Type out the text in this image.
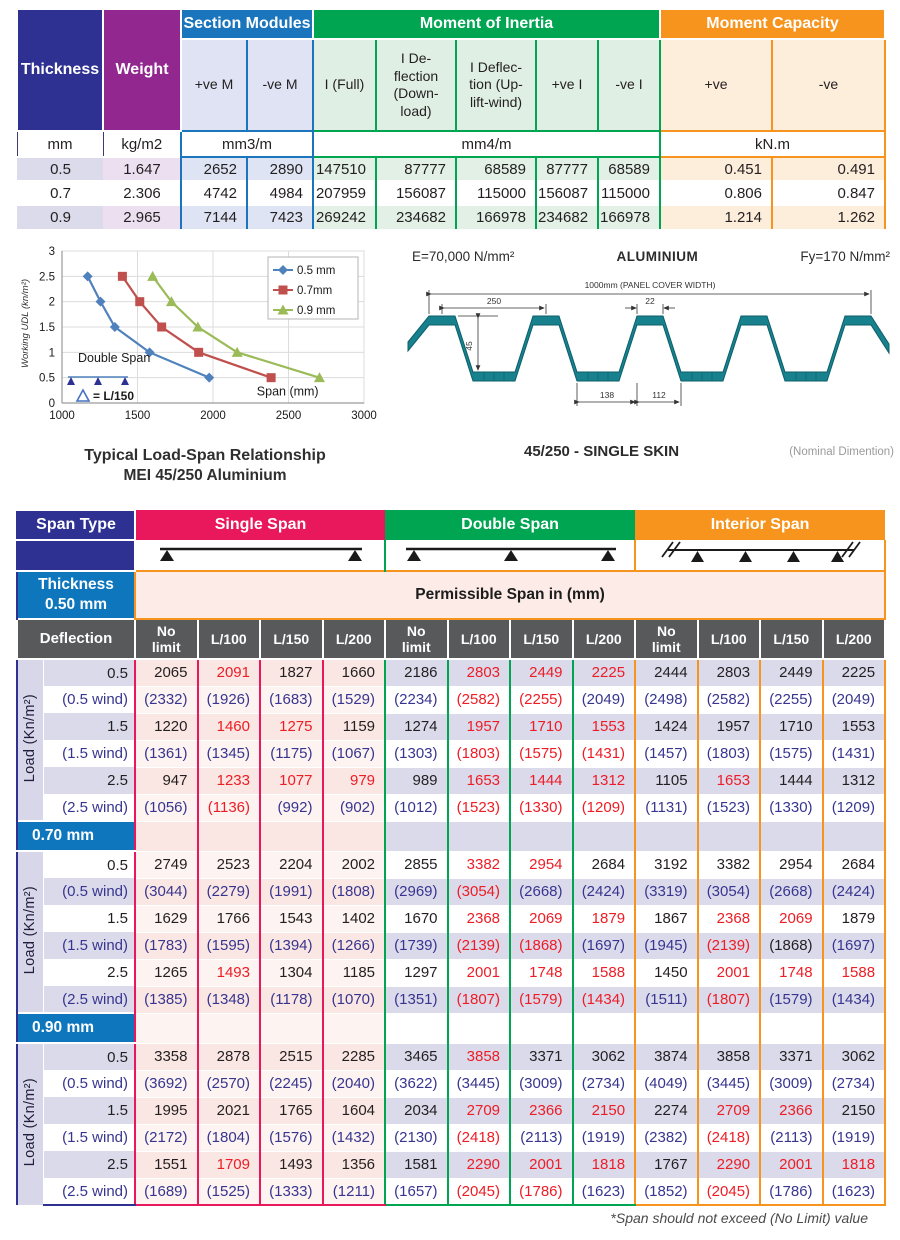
Thickness	Weight	Section Modules		Moment of Inertia					Moment Capacity	
		+ve M	-ve M	I (Full)	I De- flection (Down- load)	I Deflec- tion (Up- lift-wind)	+ve I	-ve I	+ve	-ve
mm	kg/m2	mm3/m		mm4/m					kN.m	
0.5	1.647	2652	2890	147510	87777	68589	87777	68589	0.451	0.491
0.7	2.306	4742	4984	207959	156087	115000	156087	115000	0.806	0.847
0.9	2.965	7144	7423	269242	234682	166978	234682	166978	1.214	1.262
1000	1500	2000	2500	3000
0
0.5
1
1.5
2
2.5
3
0.5 mm
0.7mm
0.9 mm
Double Span
= L/150	Span (mm)
Working UDL (kn/m²)
Typical Load-Span Relationship
MEI 45/250 Aluminium
E=70,000 N/mm²	ALUMINIUM	Fy=170 N/mm²
1000mm (PANEL COVER WIDTH)
250	22
45
138	112
45/250 - SINGLE SKIN	(Nominal Dimention)
Span Type		Single Span				Double Span				Interior Span			

Thickness
0.50 mm		Permissible Span in (mm)											
Deflection		No limit	L/100	L/150	L/200	No limit	L/100	L/150	L/200	No limit	L/100	L/150	L/200
Load (Kn/m²)	0.5	2065	2091	1827	1660	2186	2803	2449	2225	2444	2803	2449	2225
	(0.5 wind)	(2332)	(1926)	(1683)	(1529)	(2234)	(2582)	(2255)	(2049)	(2498)	(2582)	(2255)	(2049)
	1.5	1220	1460	1275	1159	1274	1957	1710	1553	1424	1957	1710	1553
	(1.5 wind)	(1361)	(1345)	(1175)	(1067)	(1303)	(1803)	(1575)	(1431)	(1457)	(1803)	(1575)	(1431)
	2.5	947	1233	1077	979	989	1653	1444	1312	1105	1653	1444	1312
	(2.5 wind)	(1056)	(1136)	(992)	(902)	(1012)	(1523)	(1330)	(1209)	(1131)	(1523)	(1330)	(1209)
0.70 mm													
Load (Kn/m²)	0.5	2749	2523	2204	2002	2855	3382	2954	2684	3192	3382	2954	2684
	(0.5 wind)	(3044)	(2279)	(1991)	(1808)	(2969)	(3054)	(2668)	(2424)	(3319)	(3054)	(2668)	(2424)
	1.5	1629	1766	1543	1402	1670	2368	2069	1879	1867	2368	2069	1879
	(1.5 wind)	(1783)	(1595)	(1394)	(1266)	(1739)	(2139)	(1868)	(1697)	(1945)	(2139)	(1868)	(1697)
	2.5	1265	1493	1304	1185	1297	2001	1748	1588	1450	2001	1748	1588
	(2.5 wind)	(1385)	(1348)	(1178)	(1070)	(1351)	(1807)	(1579)	(1434)	(1511)	(1807)	(1579)	(1434)
0.90 mm													
Load (Kn/m²)	0.5	3358	2878	2515	2285	3465	3858	3371	3062	3874	3858	3371	3062
	(0.5 wind)	(3692)	(2570)	(2245)	(2040)	(3622)	(3445)	(3009)	(2734)	(4049)	(3445)	(3009)	(2734)
	1.5	1995	2021	1765	1604	2034	2709	2366	2150	2274	2709	2366	2150
	(1.5 wind)	(2172)	(1804)	(1576)	(1432)	(2130)	(2418)	(2113)	(1919)	(2382)	(2418)	(2113)	(1919)
	2.5	1551	1709	1493	1356	1581	2290	2001	1818	1767	2290	2001	1818
	(2.5 wind)	(1689)	(1525)	(1333)	(1211)	(1657)	(2045)	(1786)	(1623)	(1852)	(2045)	(1786)	(1623)
*Span should not exceed (No Limit) value
